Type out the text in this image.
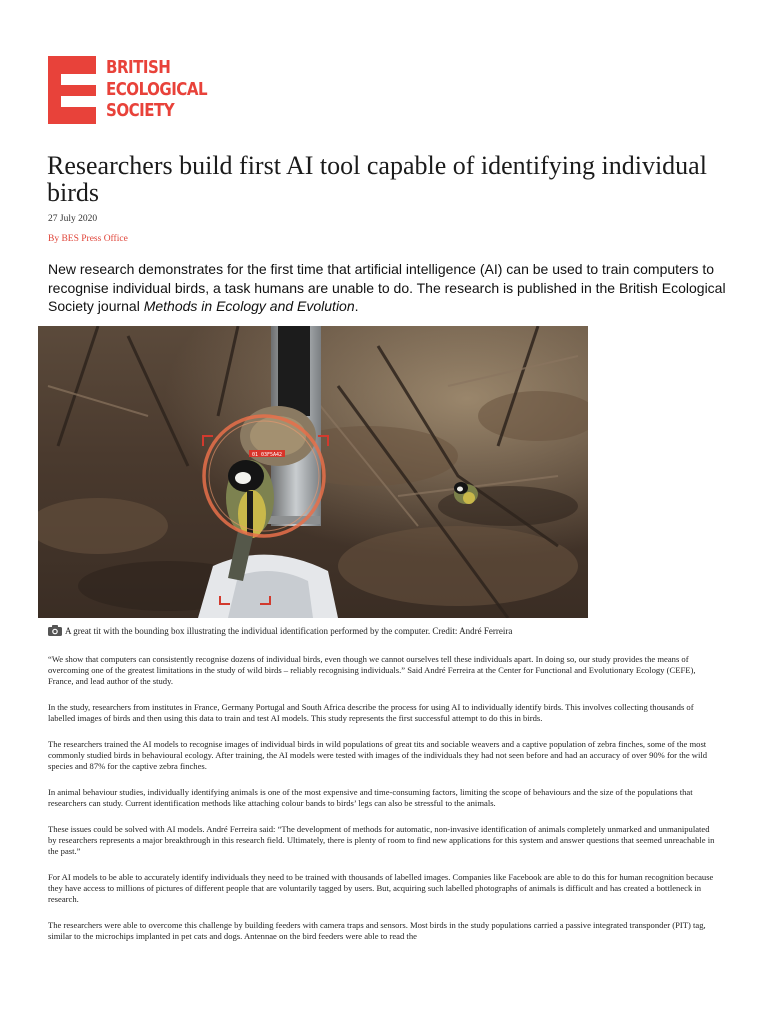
BRITISH
ECOLOGICAL
SOCIETY
Researchers build first AI tool capable of identifying individual birds
27 July 2020
By BES Press Office

New research demonstrates for the first time that artificial intelligence (AI) can be used to train computers to recognise individual birds, a task humans are unable to do. The research is published in the British Ecological Society journal Methods in Ecology and Evolution.

01 03F5A42
A great tit with the bounding box illustrating the individual identification performed by the computer. Credit: André Ferreira

“We show that computers can consistently recognise dozens of individual birds, even though we cannot ourselves tell these individuals apart. In doing so, our study provides the means of overcoming one of the greatest limitations in the study of wild birds – reliably recognising individuals.” Said André Ferreira at the Center for Functional and Evolutionary Ecology (CEFE), France, and lead author of the study.

In the study, researchers from institutes in France, Germany Portugal and South Africa describe the process for using AI to individually identify birds. This involves collecting thousands of labelled images of birds and then using this data to train and test AI models. This study represents the first successful attempt to do this in birds.

The researchers trained the AI models to recognise images of individual birds in wild populations of great tits and sociable weavers and a captive population of zebra finches, some of the most commonly studied birds in behavioural ecology. After training, the AI models were tested with images of the individuals they had not seen before and had an accuracy of over 90% for the wild species and 87% for the captive zebra finches.

In animal behaviour studies, individually identifying animals is one of the most expensive and time-consuming factors, limiting the scope of behaviours and the size of the populations that researchers can study. Current identification methods like attaching colour bands to birds’ legs can also be stressful to the animals.

These issues could be solved with AI models. André Ferreira said: “The development of methods for automatic, non-invasive identification of animals completely unmarked and unmanipulated by researchers represents a major breakthrough in this research field. Ultimately, there is plenty of room to find new applications for this system and answer questions that seemed unreachable in the past.”

For AI models to be able to accurately identify individuals they need to be trained with thousands of labelled images. Companies like Facebook are able to do this for human recognition because they have access to millions of pictures of different people that are voluntarily tagged by users. But, acquiring such labelled photographs of animals is difficult and has created a bottleneck in research.

The researchers were able to overcome this challenge by building feeders with camera traps and sensors. Most birds in the study populations carried a passive integrated transponder (PIT) tag, similar to the microchips implanted in pet cats and dogs. Antennae on the bird feeders were able to read the
